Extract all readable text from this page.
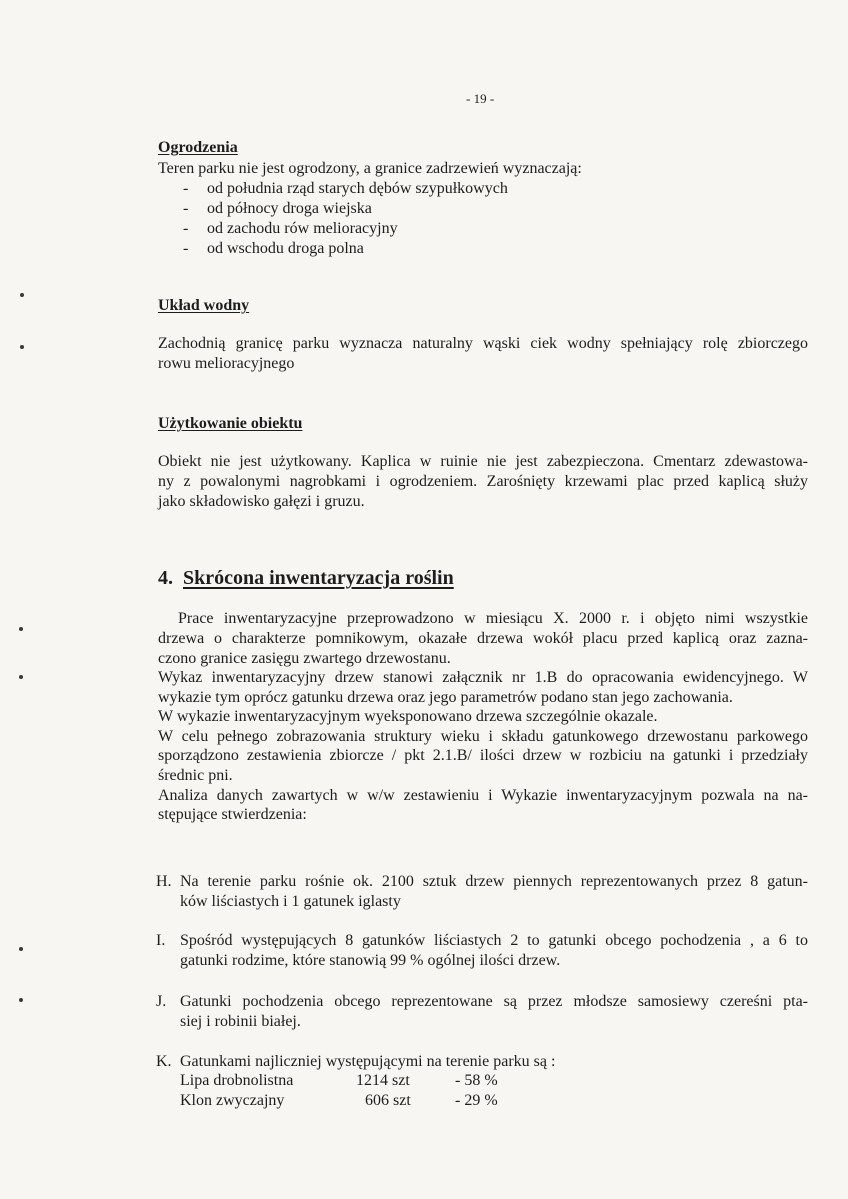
- 19 -

Ogrodzenia

Teren parku nie jest ogrodzony, a granice zadrzewień wyznaczają:

- od południa rząd starych dębów szypułkowych

- od północy droga wiejska

- od zachodu rów melioracyjny

- od wschodu droga polna

Układ wodny

Zachodnią granicę parku wyznacza naturalny wąski ciek wodny spełniający rolę zbiorczego

rowu melioracyjnego

Użytkowanie obiektu

Obiekt nie jest użytkowany. Kaplica w ruinie nie jest zabezpieczona. Cmentarz zdewastowa-

ny z powalonymi nagrobkami i ogrodzeniem. Zarośnięty krzewami plac przed kaplicą służy

jako składowisko gałęzi i gruzu.

4. Skrócona inwentaryzacja roślin

Prace inwentaryzacyjne przeprowadzono w miesiącu X. 2000 r. i objęto nimi wszystkie

drzewa o charakterze pomnikowym, okazałe drzewa wokół placu przed kaplicą oraz zazna-

czono granice zasięgu zwartego drzewostanu.

Wykaz inwentaryzacyjny drzew stanowi załącznik nr 1.B do opracowania ewidencyjnego. W

wykazie tym oprócz gatunku drzewa oraz jego parametrów podano stan jego zachowania.

W wykazie inwentaryzacyjnym wyeksponowano drzewa szczególnie okazale.

W celu pełnego zobrazowania struktury wieku i składu gatunkowego drzewostanu parkowego

sporządzono zestawienia zbiorcze / pkt 2.1.B/ ilości drzew w rozbiciu na gatunki i przedziały

średnic pni.

Analiza danych zawartych w w/w zestawieniu i Wykazie inwentaryzacyjnym pozwala na na-

stępujące stwierdzenia:

H. Na terenie parku rośnie ok. 2100 sztuk drzew piennych reprezentowanych przez 8 gatun-

ków liściastych i 1 gatunek iglasty

I. Spośród występujących 8 gatunków liściastych 2 to gatunki obcego pochodzenia , a 6 to

gatunki rodzime, które stanowią 99 % ogólnej ilości drzew.

J. Gatunki pochodzenia obcego reprezentowane są przez młodsze samosiewy czereśni pta-

siej i robinii białej.

K. Gatunkami najliczniej występującymi na terenie parku są :

Lipa drobnolistna	1214 szt	- 58 %

Klon zwyczajny	606 szt	- 29 %
